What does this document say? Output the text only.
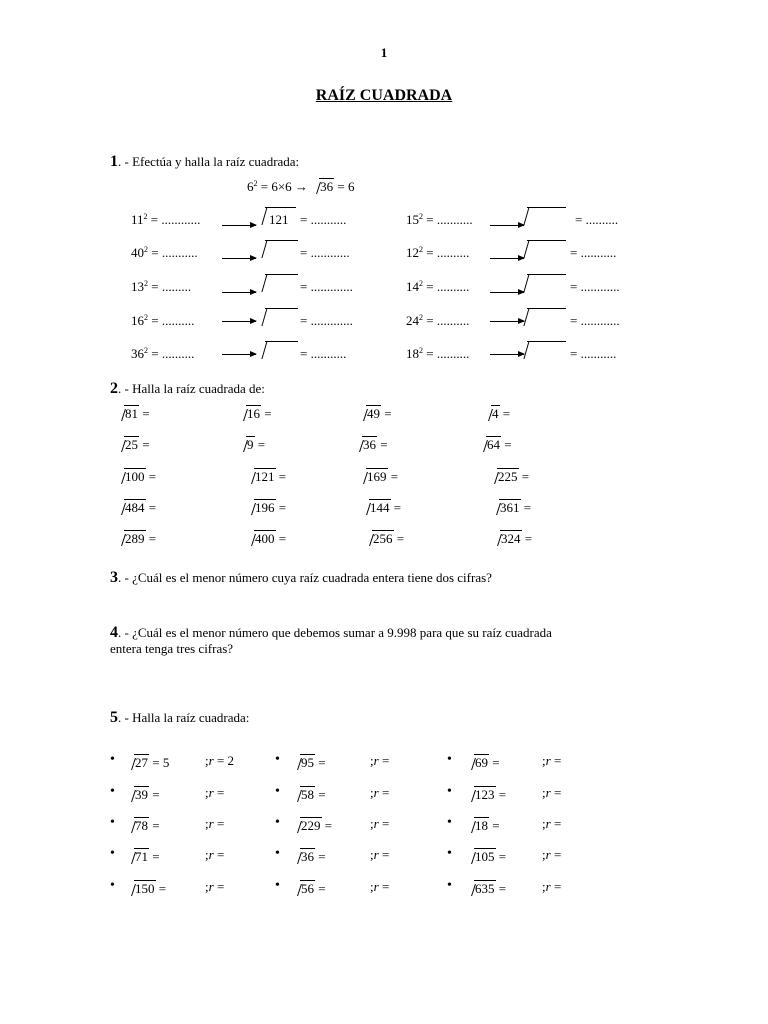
1
RAÍZ CUADRADA
1. - Efectúa y halla la raíz cuadrada:
$6^2 = 6\times 6 \to 36 = 6$
$11^2$ = ............	121 = ...........	$15^2$ = ...........	= ..........
$40^2$ = ...........	= ............	$12^2$ = ..........	= ...........
$13^2$ = .........	= .............	$14^2$ = ..........	= ............
$16^2$ = ..........	= .............	$24^2$ = ..........	= ............
$36^2$ = ..........	= ...........	$18^2$ = ..........	= ...........
2. - Halla la raíz cuadrada de:
81 =	16 =	49 =	4 =
25 =	9 =	36 =	64 =
100 =	121 =	169 =	225 =
484 =	196 =	144 =	361 =
289 =	400 =	256 =	324 =
3. - ¿Cuál es el menor número cuya raíz cuadrada entera tiene dos cifras?
4. - ¿Cuál es el menor número que debemos sumar a 9.998 para que su raíz cuadrada
entera tenga tres cifras?
5. - Halla la raíz cuadrada:
•	27 = 5	;r = 2	•	95 =	;r =	•	69 =	;r =
•	39 =	;r =	•	58 =	;r =	•	123 =	;r =
•	78 =	;r =	•	229 =	;r =	•	18 =	;r =
•	71 =	;r =	•	36 =	;r =	•	105 =	;r =
•	150 =	;r =	•	56 =	;r =	•	635 =	;r =
